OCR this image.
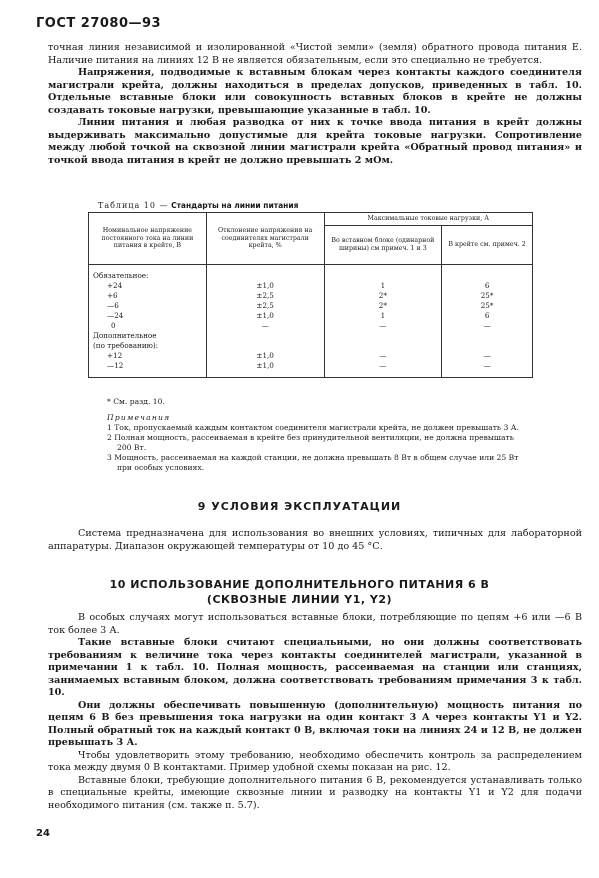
ГОСТ 27080—93

точная линия независимой и изолированной «Чистой земли» (земля) обратного провода питания Е. Наличие питания на линиях 12 В не является обязательным, если это специально не требуется.

Напряжения, подводимые к вставным блокам через контакты каждого соединителя магистрали крейта, должны находиться в пределах допусков, приведенных в табл. 10. Отдельные вставные блоки или совокупность вставных блоков в крейте не должны создавать токовые нагрузки, превышающие указанные в табл. 10.

Линии питания и любая разводка от них к точке ввода питания в крейт должны выдерживать максимально допустимые для крейта токовые нагрузки. Сопротивление между любой точкой на сквозной линии магистрали крейта «Обратный провод питания» и точкой ввода питания в крейт не должно превышать 2 мОм.

Таблица 10 — Стандарты на линии питания
Номинальное напряжение постоянного тока на линии питания в крейте, В	Отклонение напряжения на соединителях магистрали крейта, %	Максимальные токовые нагрузки, А	
		Во вставном блоке (одинарной ширины) см примеч. 1 и 3	В крейте см. примеч. 2
Обязательное:			
+24	±1,0	1	6
+6	±2,5	2*	25*
—6	±2,5	2*	25*
—24	±1,0	1	6
0	—	—	—
Дополнительное			
(по требованию):			
+12	±1,0	—	—
—12	±1,0	—	—
* См. разд. 10.
Примечания
1 Ток, пропускаемый каждым контактом соединителя магистрали крейта, не должен превышать 3 А.
2 Полная мощность, рассеиваемая в крейте без принудительной вентиляции, не должна превышать 200 Вт.
3 Мощность, рассеиваемая на каждой станции, не должна превышать 8 Вт в общем случае или 25 Вт при особых условиях.
9 УСЛОВИЯ ЭКСПЛУАТАЦИИ

Система предназначена для использования во внешних условиях, типичных для лабораторной аппаратуры. Диапазон окружающей температуры от 10 до 45 °С.

10 ИСПОЛЬЗОВАНИЕ ДОПОЛНИТЕЛЬНОГО ПИТАНИЯ 6 В
(СКВОЗНЫЕ ЛИНИИ Y1, Y2)

В особых случаях могут использоваться вставные блоки, потребляющие по цепям +6 или —6 В ток более 3 А.

Такие вставные блоки считают специальными, но они должны соответствовать требованиям к величине тока через контакты соединителей магистрали, указанной в примечании 1 к табл. 10. Полная мощность, рассеиваемая на станции или станциях, занимаемых вставным блоком, должна соответствовать требованиям примечания 3 к табл. 10.

Они должны обеспечивать повышенную (дополнительную) мощность питания по цепям 6 В без превышения тока нагрузки на один контакт 3 А через контакты Y1 и Y2. Полный обратный ток на каждый контакт 0 В, включая токи на линиях 24 и 12 В, не должен превышать 3 А.

Чтобы удовлетворить этому требованию, необходимо обеспечить контроль за распределением тока между двумя 0 В контактами. Пример удобной схемы показан на рис. 12.

Вставные блоки, требующие дополнительного питания 6 В, рекомендуется устанавливать только в специальные крейты, имеющие сквозные линии и разводку на контакты Y1 и Y2 для подачи необходимого питания (см. также п. 5.7).

24
